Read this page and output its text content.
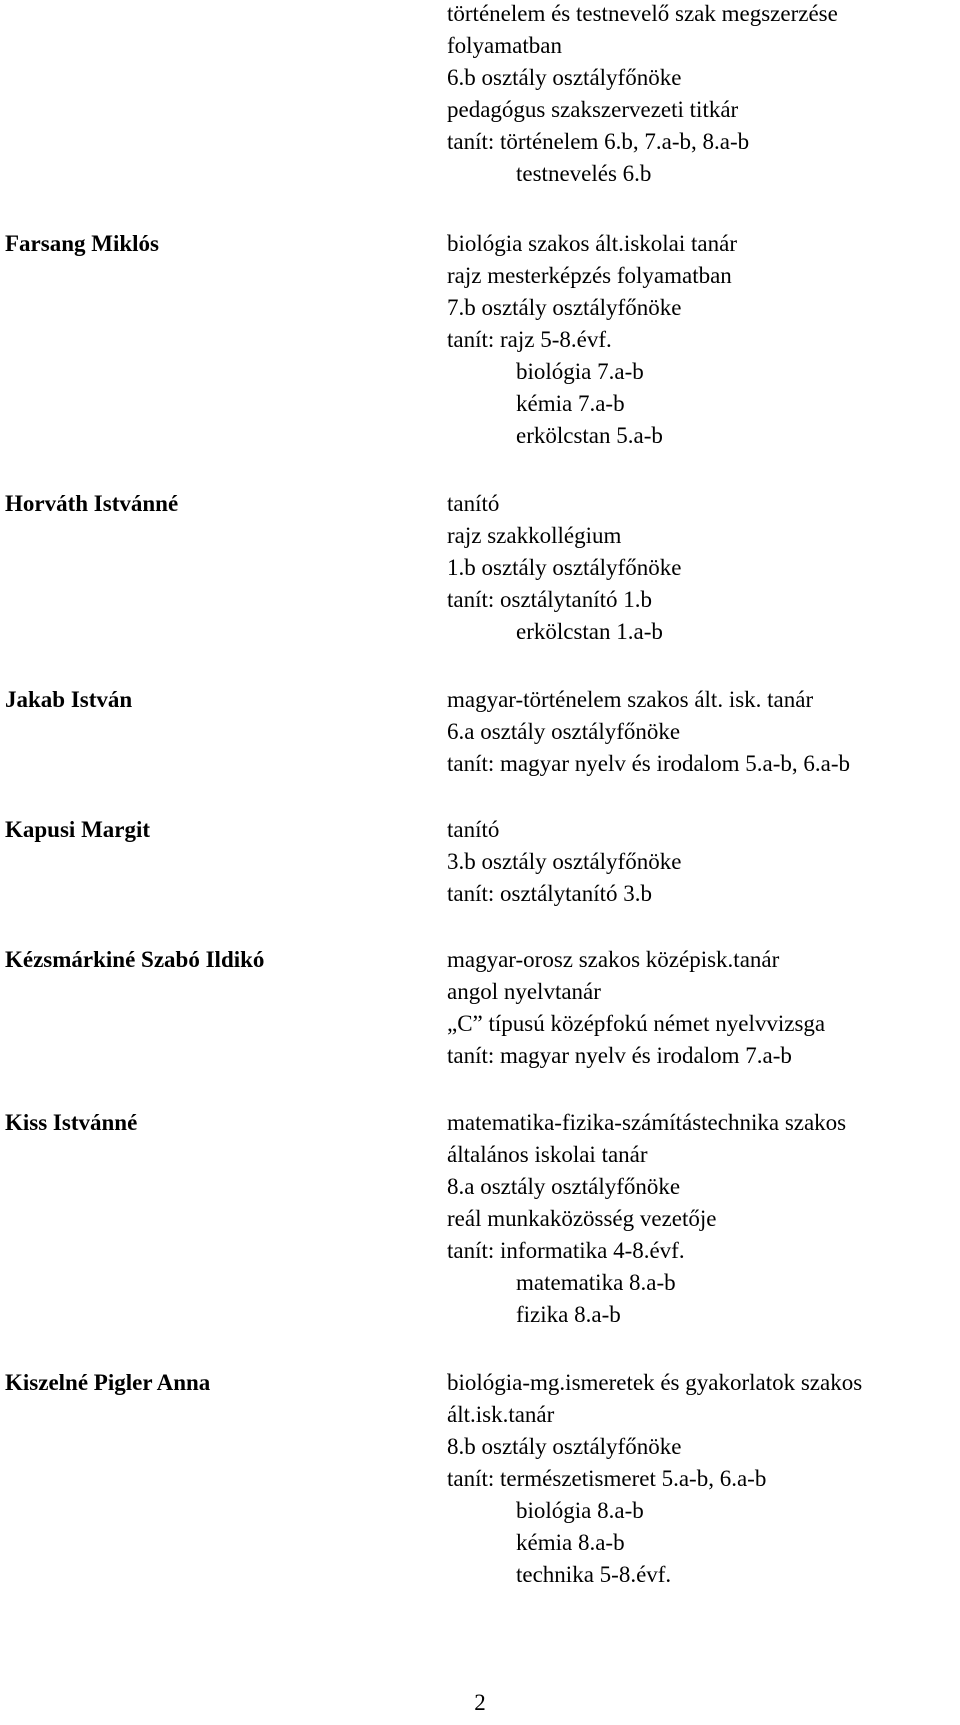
történelem és testnevelő szak megszerzése
folyamatban
6.b osztály osztályfőnöke
pedagógus szakszervezeti titkár
tanít: történelem 6.b, 7.a-b, 8.a-b
testnevelés 6.b
Farsang Miklós	biológia szakos ált.iskolai tanár
rajz mesterképzés folyamatban
7.b osztály osztályfőnöke
tanít: rajz 5-8.évf.
biológia 7.a-b
kémia 7.a-b
erkölcstan 5.a-b
Horváth Istvánné	tanító
rajz szakkollégium
1.b osztály osztályfőnöke
tanít: osztálytanító 1.b
erkölcstan 1.a-b
Jakab István	magyar-történelem szakos ált. isk. tanár
6.a osztály osztályfőnöke
tanít: magyar nyelv és irodalom 5.a-b, 6.a-b
Kapusi Margit	tanító
3.b osztály osztályfőnöke
tanít: osztálytanító 3.b
Kézsmárkiné Szabó Ildikó	magyar-orosz szakos középisk.tanár
angol nyelvtanár
„C” típusú középfokú német nyelvvizsga
tanít: magyar nyelv és irodalom 7.a-b
Kiss Istvánné	matematika-fizika-számítástechnika szakos
általános iskolai tanár
8.a osztály osztályfőnöke
reál munkaközösség vezetője
tanít: informatika 4-8.évf.
matematika 8.a-b
fizika 8.a-b
Kiszelné Pigler Anna	biológia-mg.ismeretek és gyakorlatok szakos
ált.isk.tanár
8.b osztály osztályfőnöke
tanít: természetismeret 5.a-b, 6.a-b
biológia 8.a-b
kémia 8.a-b
technika 5-8.évf.
2
